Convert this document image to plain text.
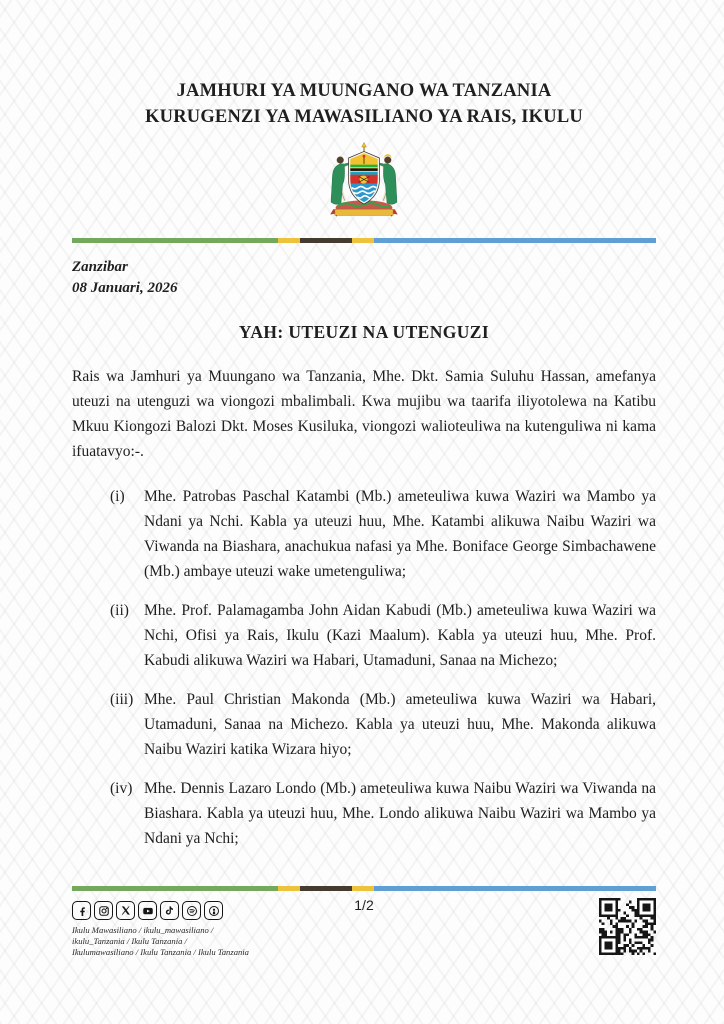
JAMHURI YA MUUNGANO WA TANZANIA
KURUGENZI YA MAWASILIANO YA RAIS, IKULU
Zanzibar
08 Januari, 2026
YAH: UTEUZI NA UTENGUZI

Rais wa Jamhuri ya Muungano wa Tanzania, Mhe. Dkt. Samia Suluhu Hassan, amefanya uteuzi na utenguzi wa viongozi mbalimbali. Kwa mujibu wa taarifa iliyotolewa na Katibu Mkuu Kiongozi Balozi Dkt. Moses Kusiluka, viongozi walioteuliwa na kutenguliwa ni kama ifuatavyo:-.

(i)	Mhe. Patrobas Paschal Katambi (Mb.) ameteuliwa kuwa Waziri wa Mambo ya Ndani ya Nchi. Kabla ya uteuzi huu, Mhe. Katambi alikuwa Naibu Waziri wa Viwanda na Biashara, anachukua nafasi ya Mhe. Boniface George Simbachawene (Mb.) ambaye uteuzi wake umetenguliwa;
(ii) Mhe. Prof. Palamagamba John Aidan Kabudi (Mb.) ameteuliwa kuwa Waziri wa Nchi, Ofisi ya Rais, Ikulu (Kazi Maalum). Kabla ya uteuzi huu, Mhe. Prof. Kabudi alikuwa Waziri wa Habari, Utamaduni, Sanaa na Michezo;
(iii) Mhe. Paul Christian Makonda (Mb.) ameteuliwa kuwa Waziri wa Habari, Utamaduni, Sanaa na Michezo. Kabla ya uteuzi huu, Mhe. Makonda alikuwa Naibu Waziri katika Wizara hiyo;
(iv) Mhe. Dennis Lazaro Londo (Mb.) ameteuliwa kuwa Naibu Waziri wa Viwanda na Biashara. Kabla ya uteuzi huu, Mhe. Londo alikuwa Naibu Waziri wa Mambo ya Ndani ya Nchi;
Ikulu Mawasiliano / ikulu_mawasiliano /
ikulu_Tanzania / Ikulu Tanzania /
Ikulumawasiliano / Ikulu Tanzania / Ikulu Tanzania
1/2
